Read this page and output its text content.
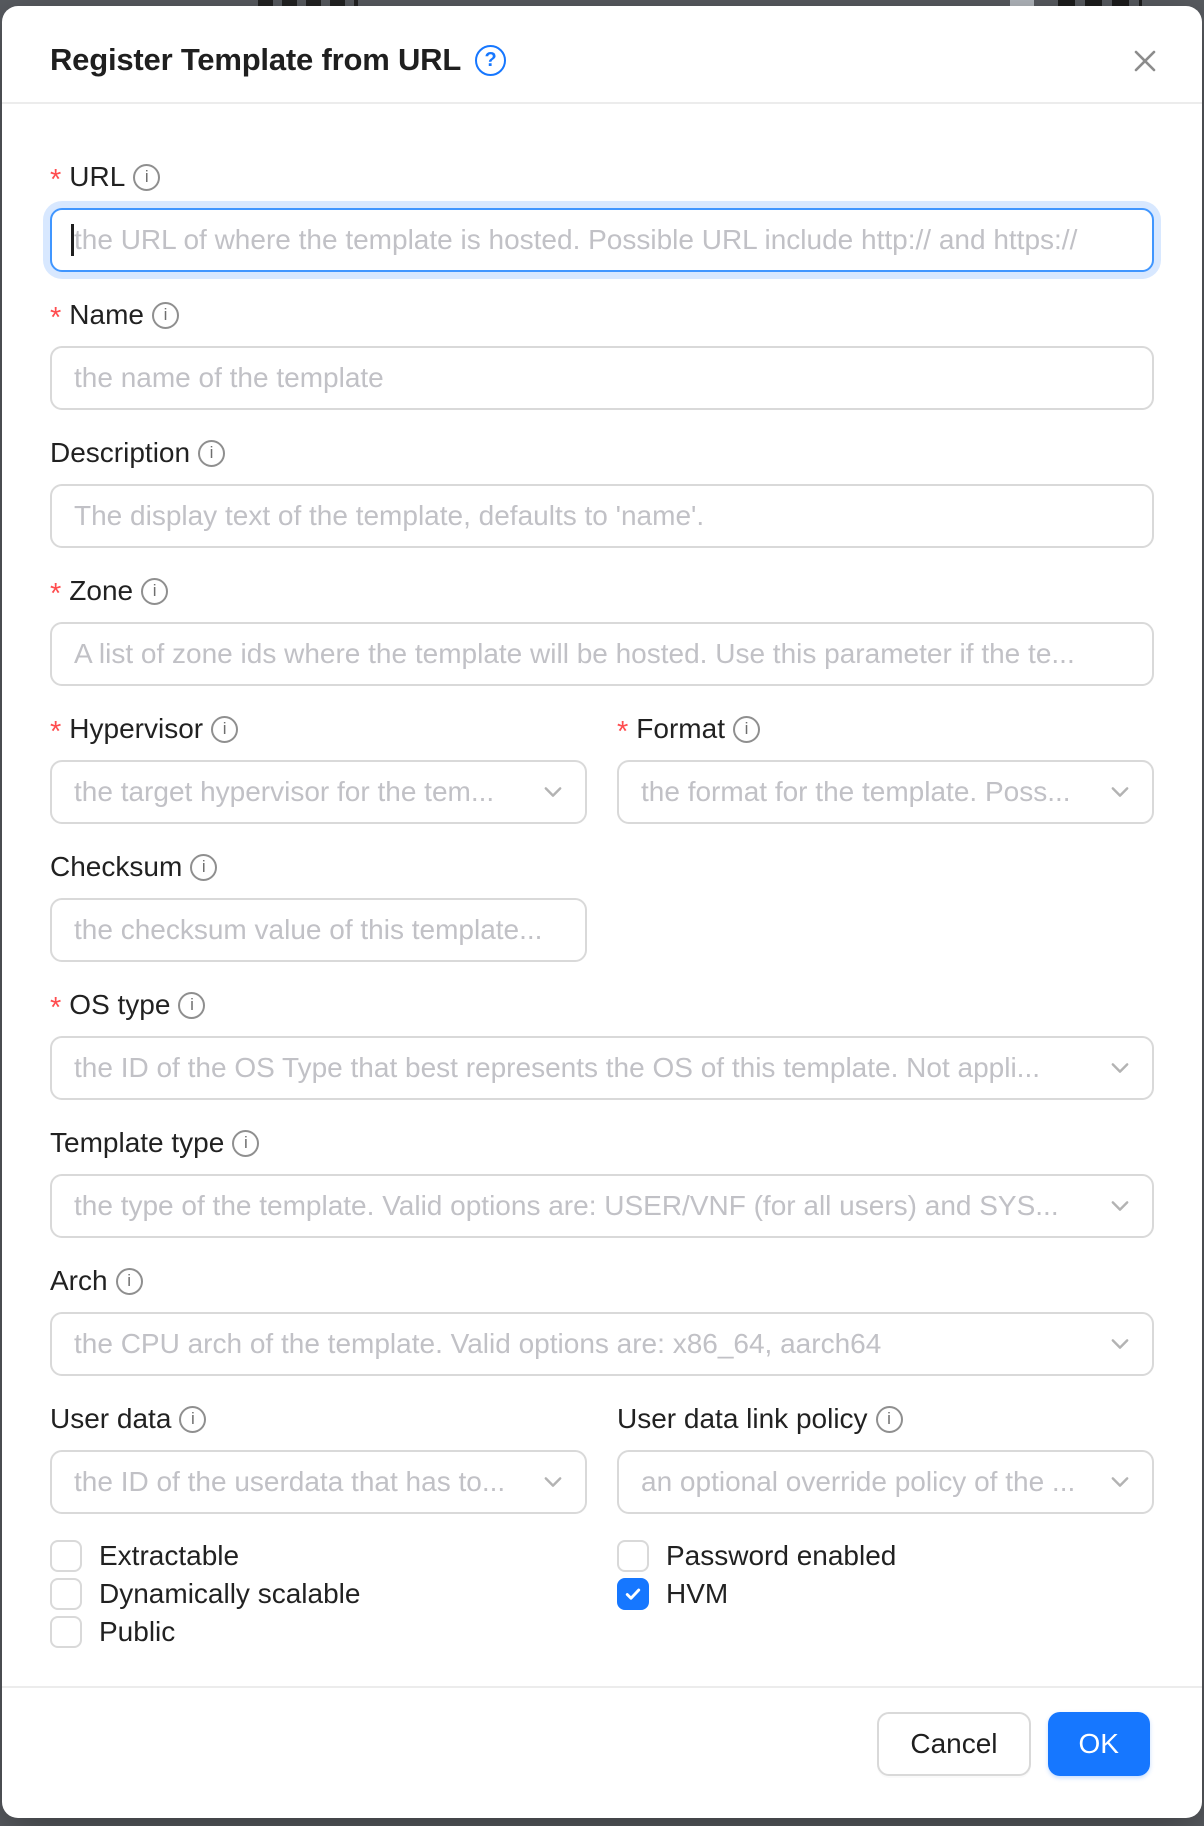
Register Template from URL	?
* URL	i
the URL of where the template is hosted. Possible URL include http:// and https://
* Name	i
the name of the template
Description	i
The display text of the template, defaults to 'name'.
* Zone	i
A list of zone ids where the template will be hosted. Use this parameter if the te...
* Hypervisor	i
the target hypervisor for the tem...
* Format	i
the format for the template. Poss...
Checksum	i
the checksum value of this template...
* OS type	i
the ID of the OS Type that best represents the OS of this template. Not appli...
Template type	i
the type of the template. Valid options are: USER/VNF (for all users) and SYS...
Arch	i
the CPU arch of the template. Valid options are: x86_64, aarch64
User data	i
the ID of the userdata that has to...
User data link policy	i
an optional override policy of the ...
Extractable
Dynamically scalable
Public
Password enabled
HVM
Cancel	OK
